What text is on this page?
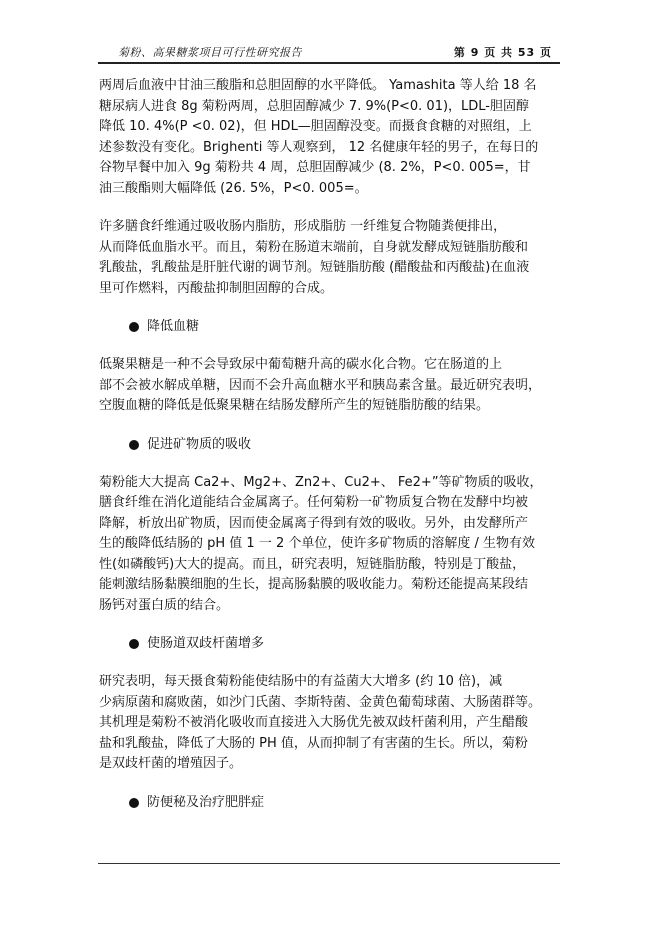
菊粉、高果糖浆项目可行性研究报告	第 9 页 共 53 页
两周后血液中甘油三酸脂和总胆固醇的水平降低。 Yamashita 等人给 18 名
糖尿病人进食 8g 菊粉两周，总胆固醇减少 7. 9%(P<0. 01)，LDL-胆固醇
降低 10. 4%(P <0. 02)，但 HDL—胆固醇没变。而摄食食糖的对照组，上
述参数没有变化。Brighenti 等人观察到， 12 名健康年轻的男子，在每日的
谷物早餐中加入 9g 菊粉共 4 周，总胆固醇减少 (8. 2%，P<0. 005=，甘
油三酸酯则大幅降低 (26. 5%，P<0. 005=。
许多膳食纤维通过吸收肠内脂肪，形成脂肪 一纤维复合物随粪便排出，
从而降低血脂水平。而且，菊粉在肠道末端前，自身就发酵成短链脂肪酸和
乳酸盐，乳酸盐是肝脏代谢的调节剂。短链脂肪酸 (醋酸盐和丙酸盐)在血液
里可作燃料，丙酸盐抑制胆固醇的合成。
降低血糖
低聚果糖是一种不会导致尿中葡萄糖升高的碳水化合物。它在肠道的上
部不会被水解成单糖，因而不会升高血糖水平和胰岛素含量。最近研究表明，
空腹血糖的降低是低聚果糖在结肠发酵所产生的短链脂肪酸的结果。
促进矿物质的吸收
菊粉能大大提高 Ca2+、Mg2+、Zn2+、Cu2+、 Fe2+”等矿物质的吸收，
膳食纤维在消化道能结合金属离子。任何菊粉一矿物质复合物在发酵中均被
降解，析放出矿物质，因而使金属离子得到有效的吸收。另外，由发酵所产
生的酸降低结肠的 pH 值 1 一 2 个单位，使许多矿物质的溶解度 / 生物有效
性(如磷酸钙)大大的提高。而且，研究表明，短链脂肪酸，特别是丁酸盐，
能刺激结肠黏膜细胞的生长，提高肠黏膜的吸收能力。菊粉还能提高某段结
肠钙对蛋白质的结合。
使肠道双歧杆菌增多
研究表明，每天摄食菊粉能使结肠中的有益菌大大增多 (约 10 倍)，减
少病原菌和腐败菌，如沙门氏菌、李斯特菌、金黄色葡萄球菌、大肠菌群等。
其机理是菊粉不被消化吸收而直接进入大肠优先被双歧杆菌利用，产生醋酸
盐和乳酸盐，降低了大肠的 PH 值，从而抑制了有害菌的生长。所以，菊粉
是双歧杆菌的增殖因子。
防便秘及治疗肥胖症
